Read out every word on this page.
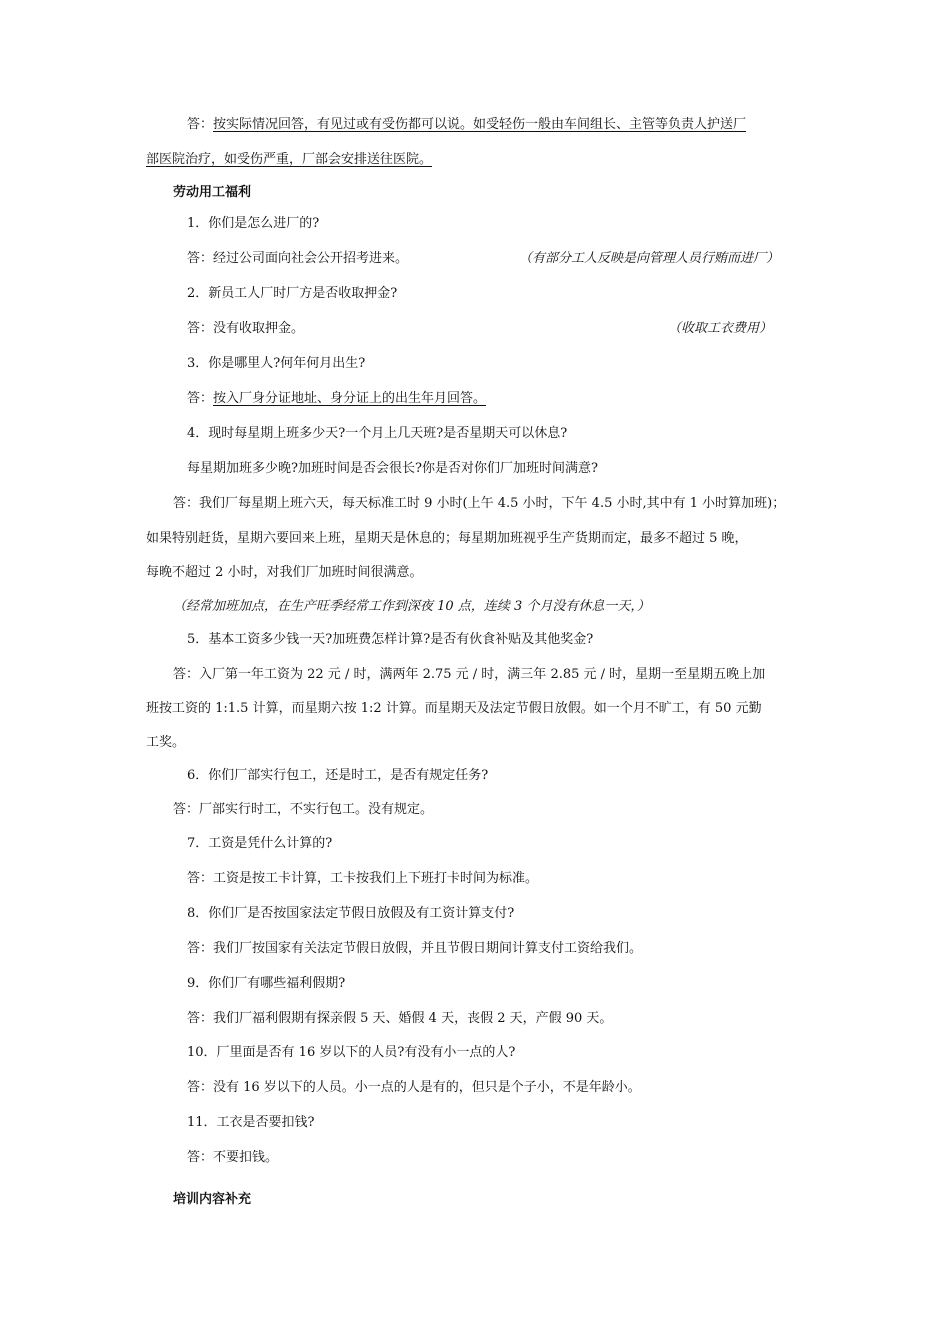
答：按实际情况回答，有见过或有受伤都可以说。如受轻伤一般由车间组长、主管等负责人护送厂
部医院治疗，如受伤严重，厂部会安排送往医院。
劳动用工福利
1．你们是怎么进厂的?
答：经过公司面向社会公开招考进来。	（有部分工人反映是向管理人员行贿而进厂）
2．新员工人厂时厂方是否收取押金?
答：没有收取押金。	（收取工衣费用）
3．你是哪里人?何年何月出生?
答：按入厂身分证地址、身分证上的出生年月回答。
4．现时每星期上班多少天?一个月上几天班?是否星期天可以休息?
每星期加班多少晚?加班时间是否会很长?你是否对你们厂加班时间满意?
答：我们厂每星期上班六天，每天标准工时 9 小时(上午 4.5 小时，下午 4.5 小时,其中有 1 小时算加班)；
如果特别赶货，星期六要回来上班，星期天是休息的；每星期加班视乎生产货期而定，最多不超过 5 晚，
每晚不超过 2 小时，对我们厂加班时间很满意。
（经常加班加点，在生产旺季经常工作到深夜 10 点，连续 3 个月没有休息一天，）
5．基本工资多少钱一天?加班费怎样计算?是否有伙食补贴及其他奖金?
答：入厂第一年工资为 22 元 / 时，满两年 2.75 元 / 时，满三年 2.85 元 / 时，星期一至星期五晚上加
班按工资的 1:1.5 计算，而星期六按 1:2 计算。而星期天及法定节假日放假。如一个月不旷工，有 50 元勤
工奖。
6．你们厂部实行包工，还是时工，是否有规定任务?
答：厂部实行时工，不实行包工。没有规定。
7．工资是凭什么计算的?
答：工资是按工卡计算，工卡按我们上下班打卡时间为标准。
8．你们厂是否按国家法定节假日放假及有工资计算支付?
答：我们厂按国家有关法定节假日放假，并且节假日期间计算支付工资给我们。
9．你们厂有哪些福利假期?
答：我们厂福利假期有探亲假 5 天、婚假 4 天，丧假 2 天，产假 90 天。
10．厂里面是否有 16 岁以下的人员?有没有小一点的人?
答：没有 16 岁以下的人员。小一点的人是有的，但只是个子小，不是年龄小。
11．工衣是否要扣钱?
答：不要扣钱。
培训内容补充
